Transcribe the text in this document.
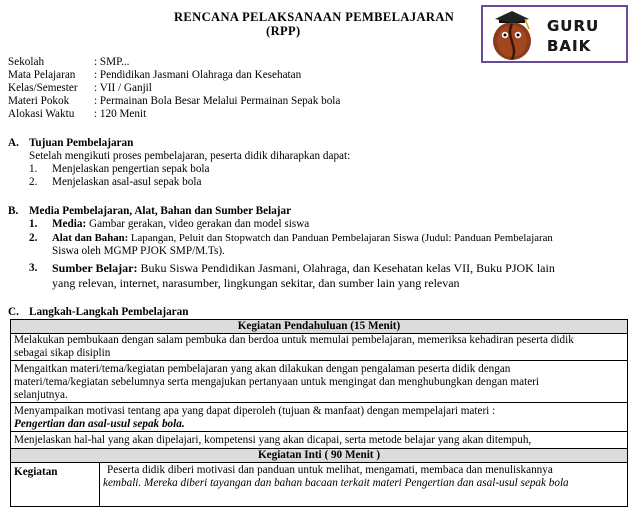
RENCANA PELAKSANAAN PEMBELAJARAN
(RPP)	GURU
BAIK
Sekolah	: SMP...
Mata Pelajaran : Pendidikan Jasmani Olahraga dan Kesehatan
Kelas/Semester : VII / Ganjil
Materi Pokok : Permainan Bola Besar Melalui Permainan Sepak bola
Alokasi Waktu : 120 Menit
A. Tujuan Pembelajaran
Setelah mengikuti proses pembelajaran, peserta didik diharapkan dapat:
1. Menjelaskan pengertian sepak bola
2. Menjelaskan asal-asul sepak bola
B. Media Pembelajaran, Alat, Bahan dan Sumber Belajar
1. Media: Gambar gerakan, video gerakan dan model siswa
2. Alat dan Bahan: Lapangan, Peluit dan Stopwatch dan Panduan Pembelajaran Siswa (Judul: Panduan Pembelajaran
Siswa oleh MGMP PJOK SMP/M.Ts).
3. Sumber Belajar: Buku Siswa Pendidikan Jasmani, Olahraga, dan Kesehatan kelas VII, Buku PJOK lain
yang relevan, internet, narasumber, lingkungan sekitar, dan sumber lain yang relevan
C. Langkah-Langkah Pembelajaran
Kegiatan Pendahuluan (15 Menit)

Melakukan pembukaan dengan salam pembuka dan berdoa untuk memulai pembelajaran, memeriksa kehadiran peserta didik
sebagai sikap disiplin

Mengaitkan materi/tema/kegiatan pembelajaran yang akan dilakukan dengan pengalaman peserta didik dengan
materi/tema/kegiatan sebelumnya serta mengajukan pertanyaan untuk mengingat dan menghubungkan dengan materi
selanjutnya.

Menyampaikan motivasi tentang apa yang dapat diperoleh (tujuan & manfaat) dengan mempelajari materi :
Pengertian dan asal-usul sepak bola.

Menjelaskan hal-hal yang akan dipelajari, kompetensi yang akan dicapai, serta metode belajar yang akan ditempuh,

Kegiatan Inti ( 90 Menit )
Kegiatan	Peserta didik diberi motivasi dan panduan untuk melihat, mengamati, membaca dan menuliskannya
kembali. Mereka diberi tayangan dan bahan bacaan terkait materi Pengertian dan asal-usul sepak bola
